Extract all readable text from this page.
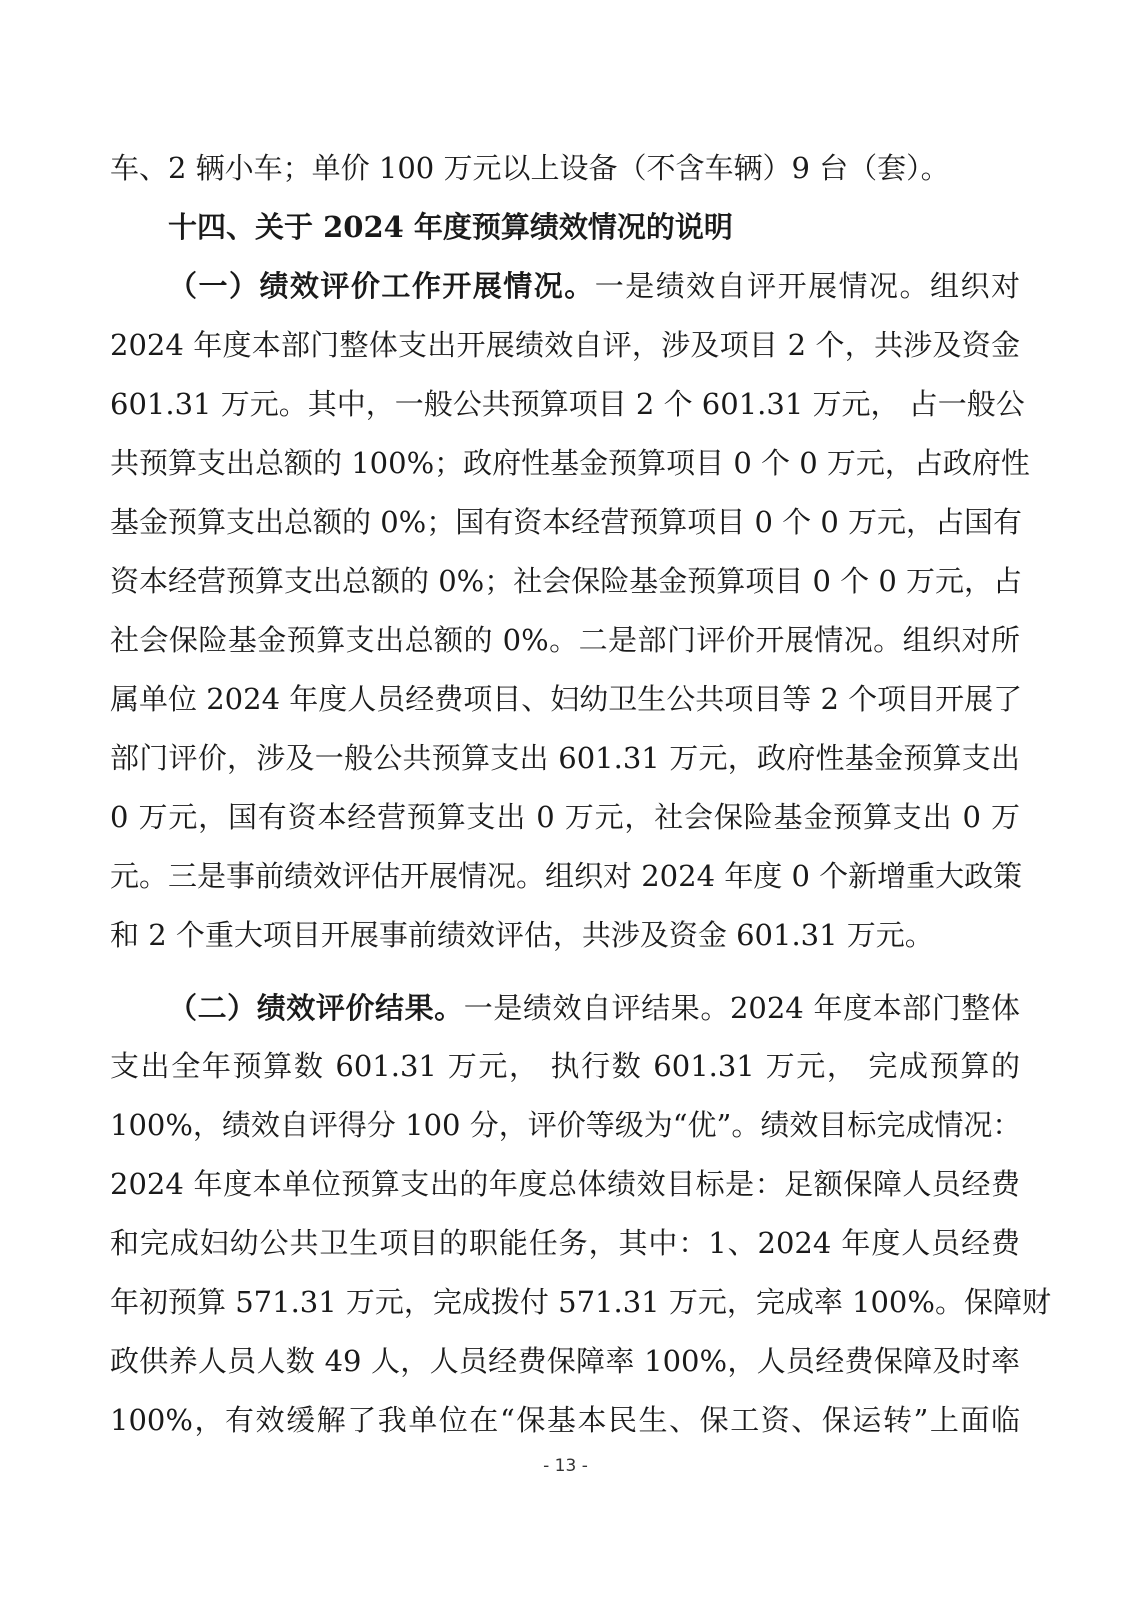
车、2 辆小车；单价 100 万元以上设备（不含车辆）9 台（套）。
十四、关于 2024 年度预算绩效情况的说明
（一）绩效评价工作开展情况。一是绩效自评开展情况。组织对
2024 年度本部门整体支出开展绩效自评，涉及项目 2 个，共涉及资金
601.31 万元。其中，一般公共预算项目 2 个 601.31 万元， 占一般公
共预算支出总额的 100%；政府性基金预算项目 0 个 0 万元，占政府性
基金预算支出总额的 0%；国有资本经营预算项目 0 个 0 万元，占国有
资本经营预算支出总额的 0%；社会保险基金预算项目 0 个 0 万元，占
社会保险基金预算支出总额的 0%。二是部门评价开展情况。组织对所
属单位 2024 年度人员经费项目、妇幼卫生公共项目等 2 个项目开展了
部门评价，涉及一般公共预算支出 601.31 万元，政府性基金预算支出
0 万元，国有资本经营预算支出 0 万元，社会保险基金预算支出 0 万
元。三是事前绩效评估开展情况。组织对 2024 年度 0 个新增重大政策
和 2 个重大项目开展事前绩效评估，共涉及资金 601.31 万元。
（二）绩效评价结果。一是绩效自评结果。2024 年度本部门整体
支出全年预算数 601.31 万元， 执行数 601.31 万元， 完成预算的
100%，绩效自评得分 100 分，评价等级为“优”。绩效目标完成情况：
2024 年度本单位预算支出的年度总体绩效目标是：足额保障人员经费
和完成妇幼公共卫生项目的职能任务，其中：1、2024 年度人员经费
年初预算 571.31 万元，完成拨付 571.31 万元，完成率 100%。保障财
政供养人员人数 49 人，人员经费保障率 100%，人员经费保障及时率
100%，有效缓解了我单位在“保基本民生、保工资、保运转”上面临
- 13 -
